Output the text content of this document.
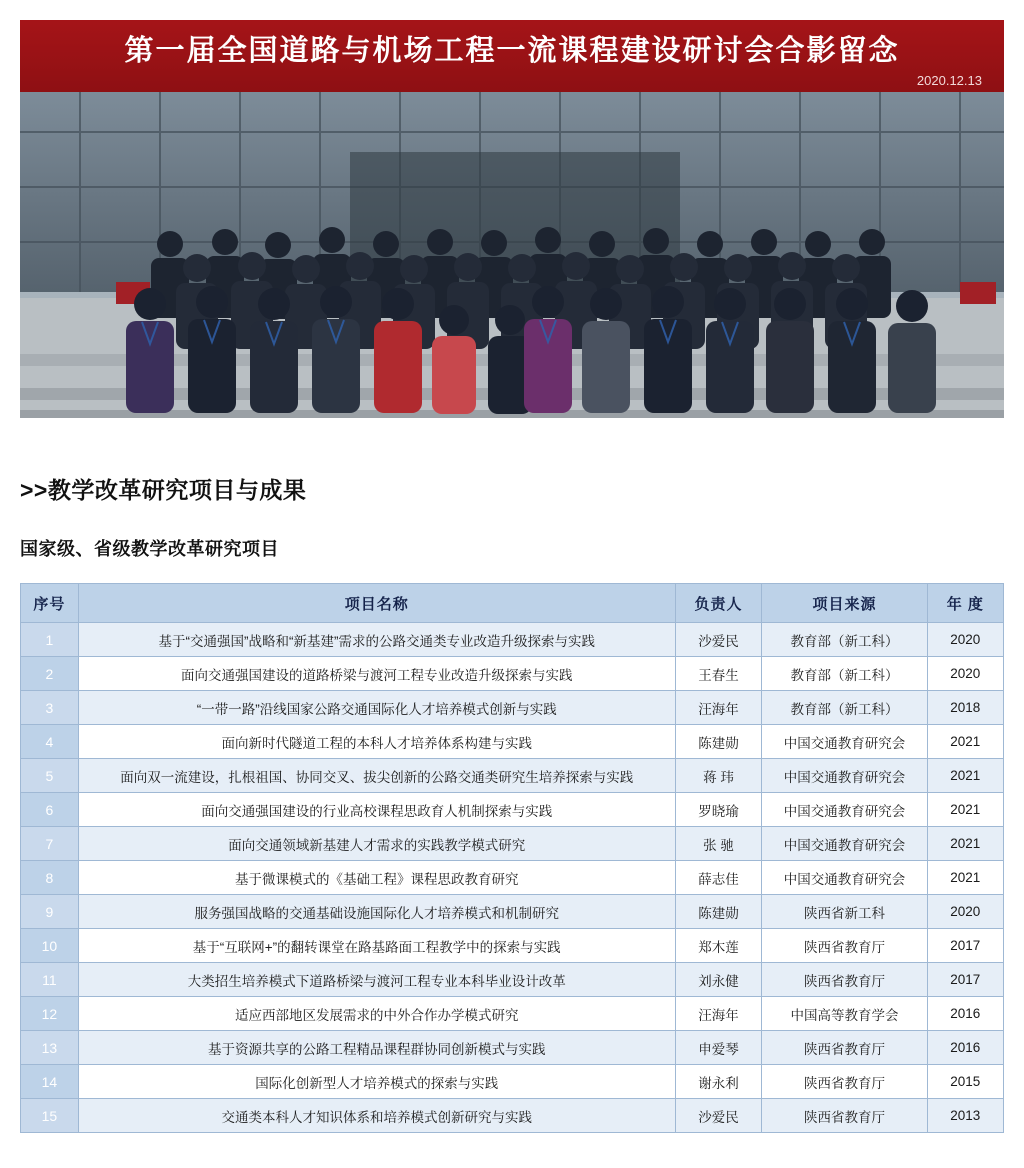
第一届全国道路与机场工程一流课程建设研讨会合影留念
2020.12.13
>>教学改革研究项目与成果
国家级、省级教学改革研究项目
序号	项目名称	负责人	项目来源	年 度
1	基于“交通强国”战略和“新基建”需求的公路交通类专业改造升级探索与实践	沙爱民	教育部（新工科）	2020
2	面向交通强国建设的道路桥梁与渡河工程专业改造升级探索与实践	王春生	教育部（新工科）	2020
3	“一带一路”沿线国家公路交通国际化人才培养模式创新与实践	汪海年	教育部（新工科）	2018
4	面向新时代隧道工程的本科人才培养体系构建与实践	陈建勋	中国交通教育研究会	2021
5	面向双一流建设，扎根祖国、协同交叉、拔尖创新的公路交通类研究生培养探索与实践	蒋 玮	中国交通教育研究会	2021
6	面向交通强国建设的行业高校课程思政育人机制探索与实践	罗晓瑜	中国交通教育研究会	2021
7	面向交通领域新基建人才需求的实践教学模式研究	张 驰	中国交通教育研究会	2021
8	基于微课模式的《基础工程》课程思政教育研究	薛志佳	中国交通教育研究会	2021
9	服务强国战略的交通基础设施国际化人才培养模式和机制研究	陈建勋	陕西省新工科	2020
10	基于“互联网+”的翻转课堂在路基路面工程教学中的探索与实践	郑木莲	陕西省教育厅	2017
11	大类招生培养模式下道路桥梁与渡河工程专业本科毕业设计改革	刘永健	陕西省教育厅	2017
12	适应西部地区发展需求的中外合作办学模式研究	汪海年	中国高等教育学会	2016
13	基于资源共享的公路工程精品课程群协同创新模式与实践	申爱琴	陕西省教育厅	2016
14	国际化创新型人才培养模式的探索与实践	谢永利	陕西省教育厅	2015
15	交通类本科人才知识体系和培养模式创新研究与实践	沙爱民	陕西省教育厅	2013
